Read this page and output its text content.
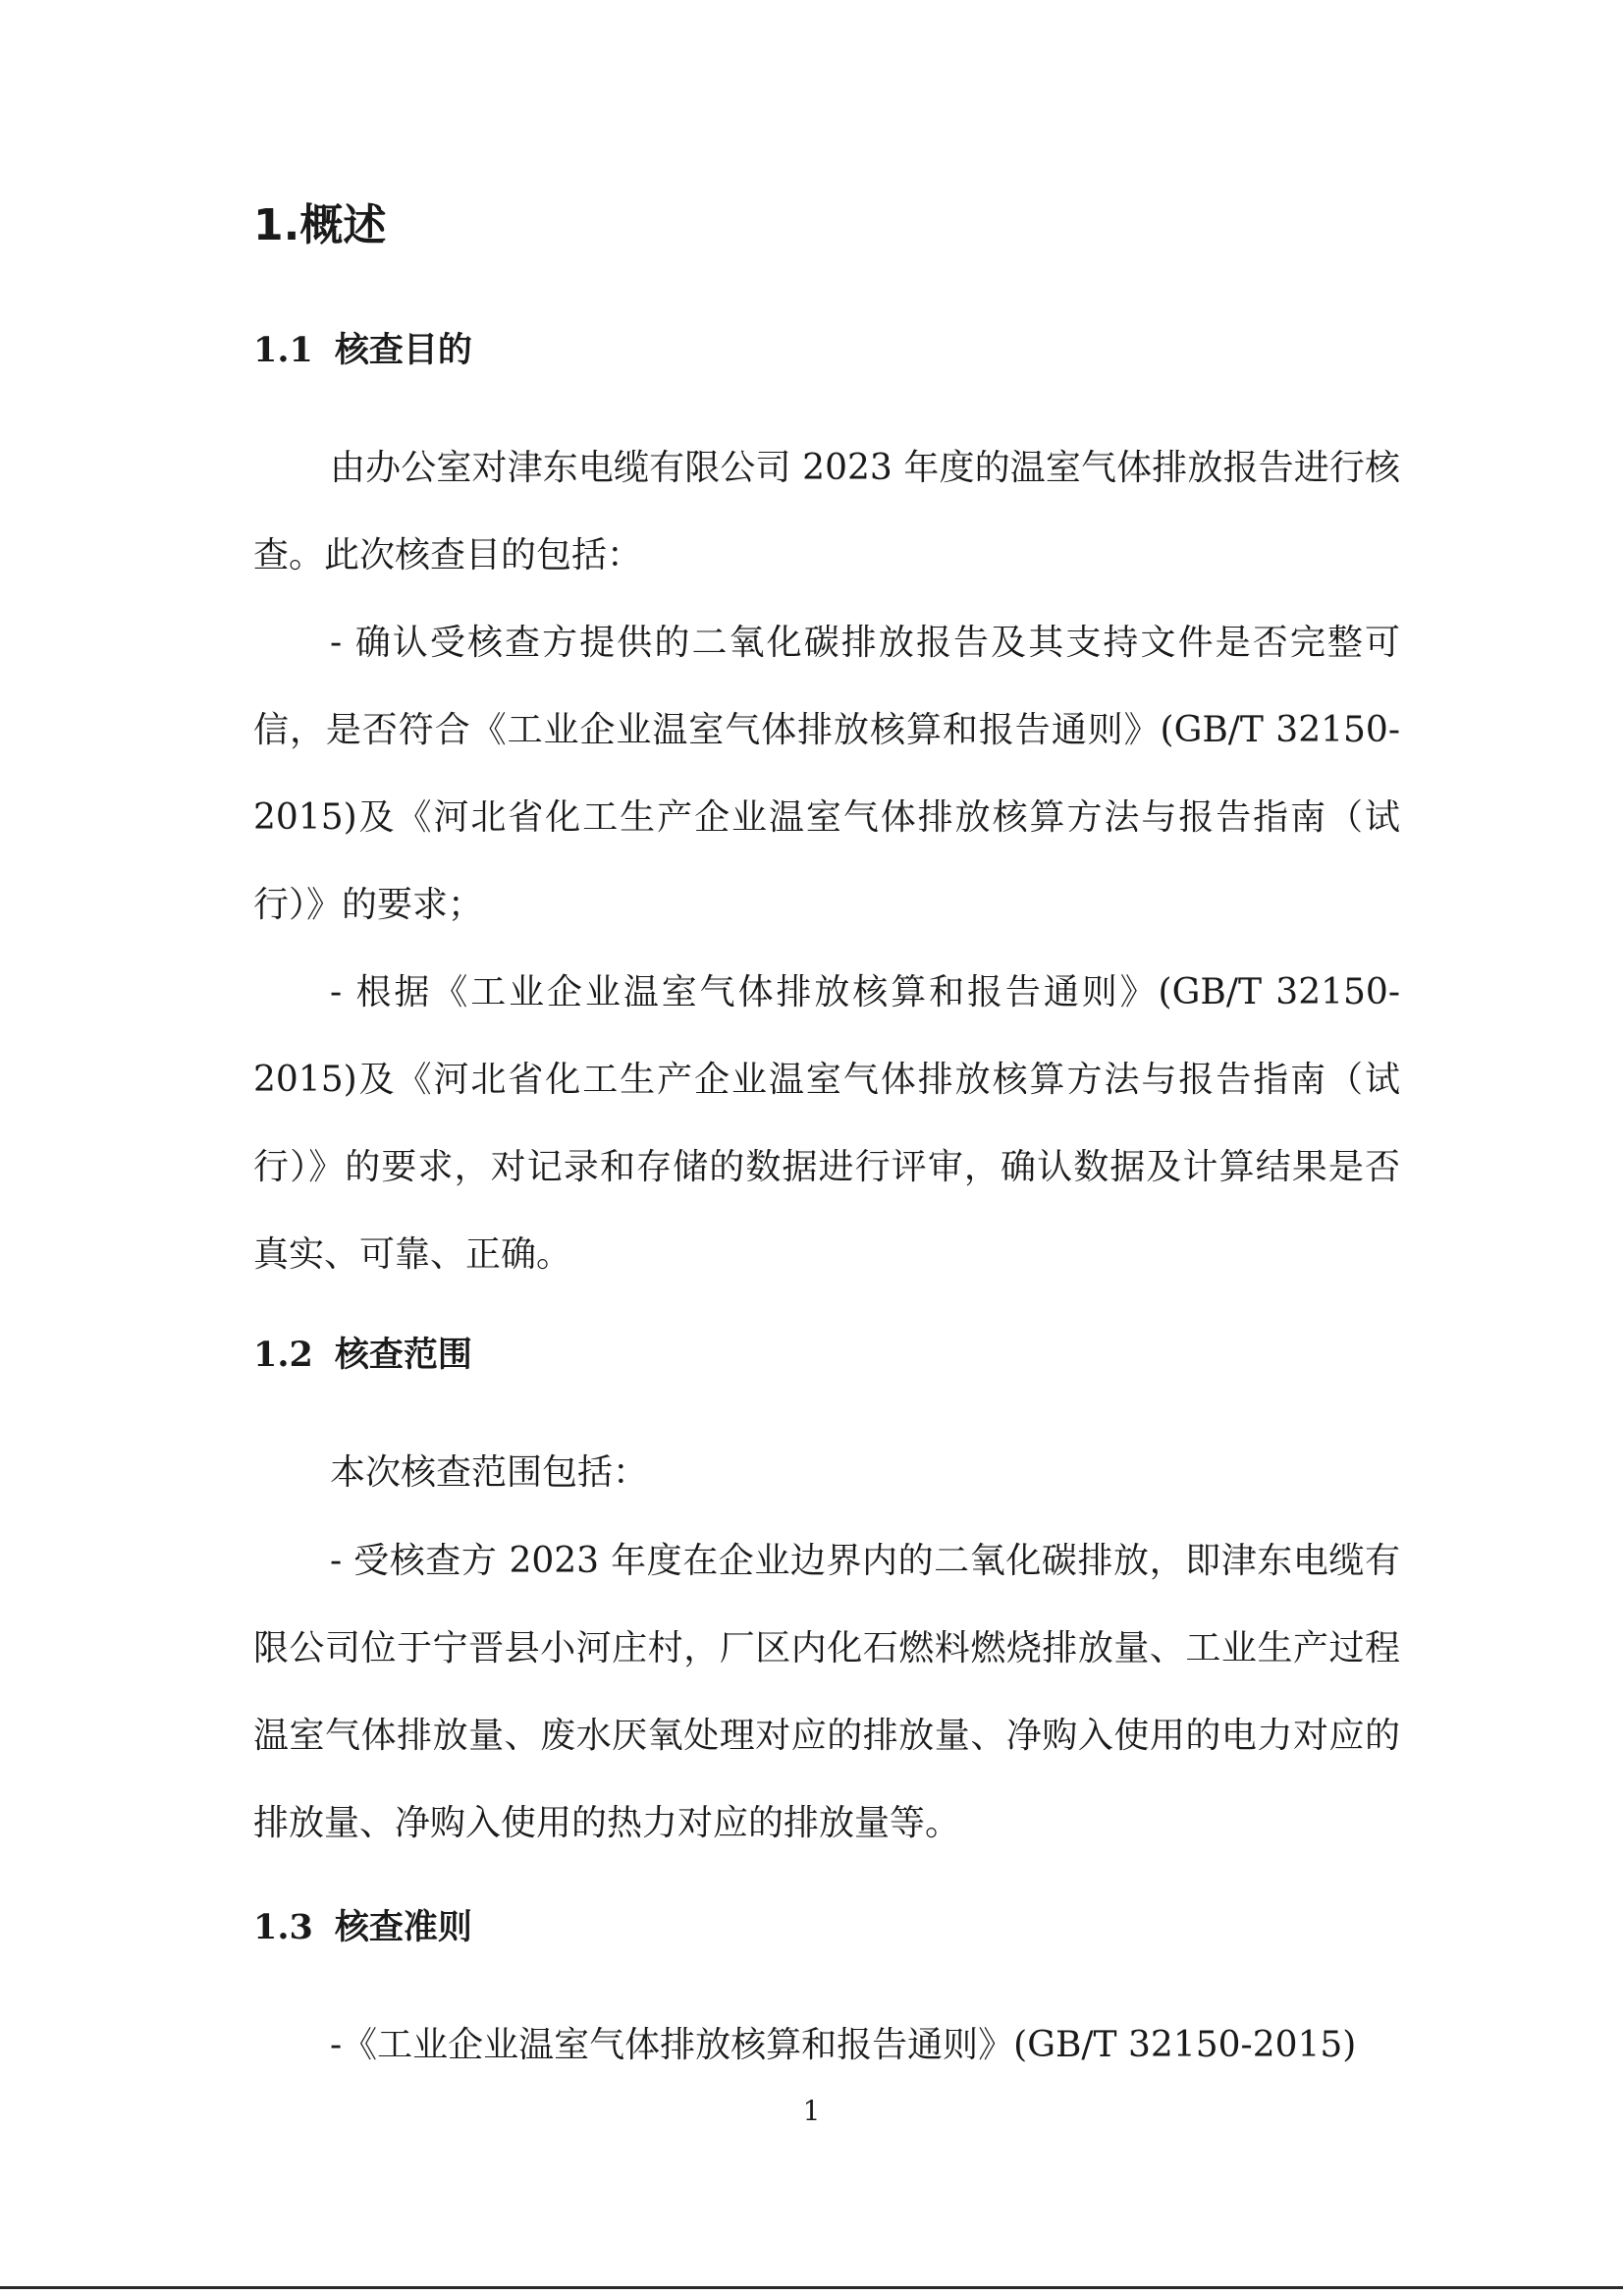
1.概述
1.1 核查目的

由办公室对津东电缆有限公司 2023 年度的温室气体排放报告进行核查。此次核查目的包括：

- 确认受核查方提供的二氧化碳排放报告及其支持文件是否完整可信，是否符合《工业企业温室气体排放核算和报告通则》(GB/T 32150-2015)及《河北省化工生产企业温室气体排放核算方法与报告指南（试行）》的要求；

- 根据《工业企业温室气体排放核算和报告通则》(GB/T 32150-2015)及《河北省化工生产企业温室气体排放核算方法与报告指南（试行）》的要求，对记录和存储的数据进行评审，确认数据及计算结果是否真实、可靠、正确。

1.2 核查范围

本次核查范围包括：

- 受核查方 2023 年度在企业边界内的二氧化碳排放，即津东电缆有限公司位于宁晋县小河庄村，厂区内化石燃料燃烧排放量、工业生产过程温室气体排放量、废水厌氧处理对应的排放量、净购入使用的电力对应的排放量、净购入使用的热力对应的排放量等。

1.3 核查准则

-《工业企业温室气体排放核算和报告通则》(GB/T 32150-2015)

1
